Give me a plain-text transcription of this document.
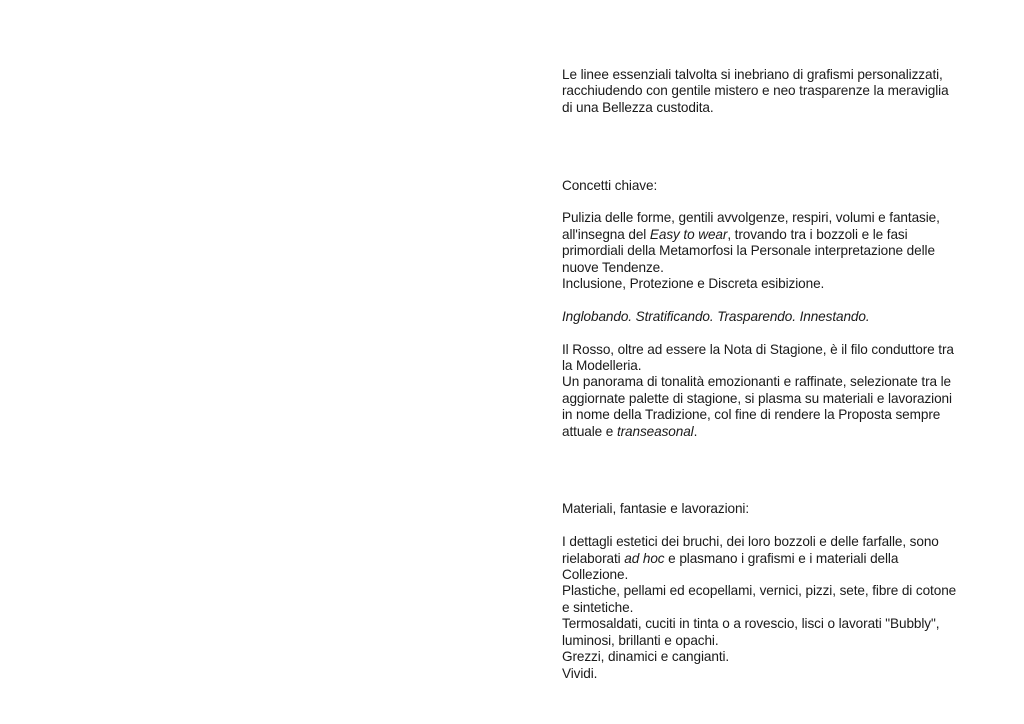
Le linee essenziali talvolta si inebriano di grafismi personalizzati,

racchiudendo con gentile mistero e neo trasparenze la meraviglia

di una Bellezza custodita.

Concetti chiave:

Pulizia delle forme, gentili avvolgenze, respiri, volumi e fantasie,

all'insegna del Easy to wear, trovando tra i bozzoli e le fasi

primordiali della Metamorfosi la Personale interpretazione delle

nuove Tendenze.

Inclusione, Protezione e Discreta esibizione.

Inglobando. Stratificando. Trasparendo. Innestando.

Il Rosso, oltre ad essere la Nota di Stagione, è il filo conduttore tra

la Modelleria.

Un panorama di tonalità emozionanti e raffinate, selezionate tra le

aggiornate palette di stagione, si plasma su materiali e lavorazioni

in nome della Tradizione, col fine di rendere la Proposta sempre

attuale e transeasonal.

Materiali, fantasie e lavorazioni:

I dettagli estetici dei bruchi, dei loro bozzoli e delle farfalle, sono

rielaborati ad hoc e plasmano i grafismi e i materiali della

Collezione.

Plastiche, pellami ed ecopellami, vernici, pizzi, sete, fibre di cotone

e sintetiche.

Termosaldati, cuciti in tinta o a rovescio, lisci o lavorati "Bubbly",

luminosi, brillanti e opachi.

Grezzi, dinamici e cangianti.

Vividi.
